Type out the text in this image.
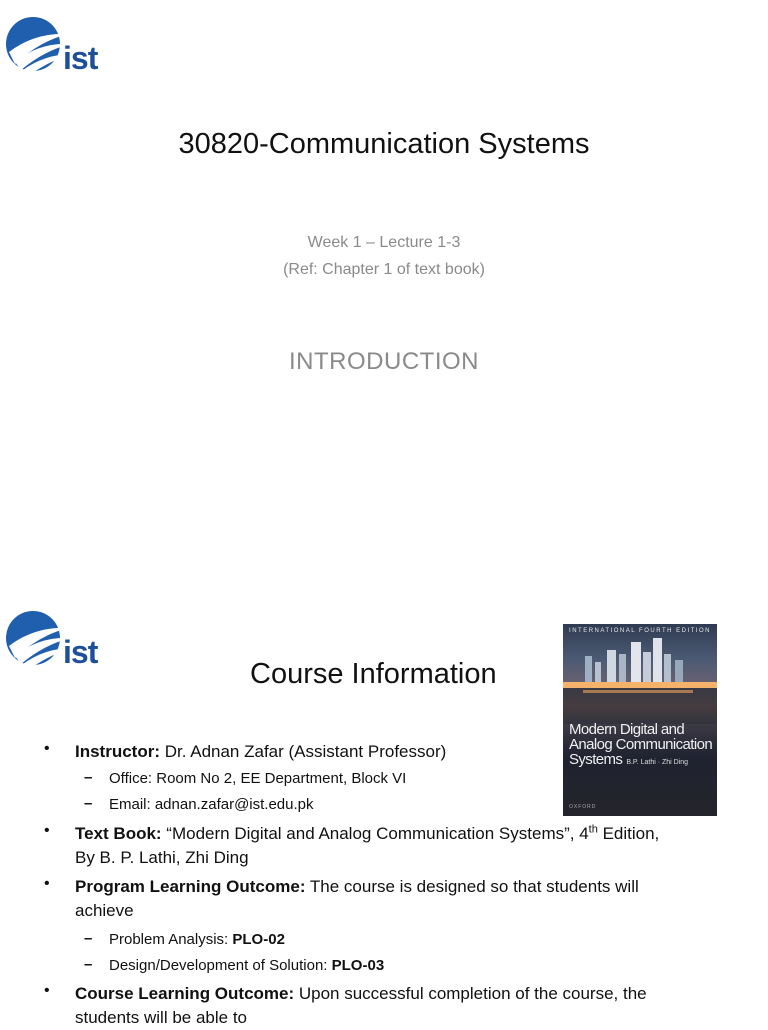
ist
30820-Communication Systems
Week 1 – Lecture 1-3
(Ref: Chapter 1 of text book)
INTRODUCTION
ist
Course Information
INTERNATIONAL FOURTH EDITION
Modern Digital and
Analog Communication
Systems B.P. Lathi · Zhi Ding
OXFORD
• Instructor: Dr. Adnan Zafar (Assistant Professor)
– Office: Room No 2, EE Department, Block VI
– Email: adnan.zafar@ist.edu.pk
• Text Book: “Modern Digital and Analog Communication Systems”, 4th Edition,
By B. P. Lathi, Zhi Ding
• Program Learning Outcome: The course is designed so that students will
achieve
– Problem Analysis: PLO-02
– Design/Development of Solution: PLO-03
• Course Learning Outcome: Upon successful completion of the course, the
students will be able to
